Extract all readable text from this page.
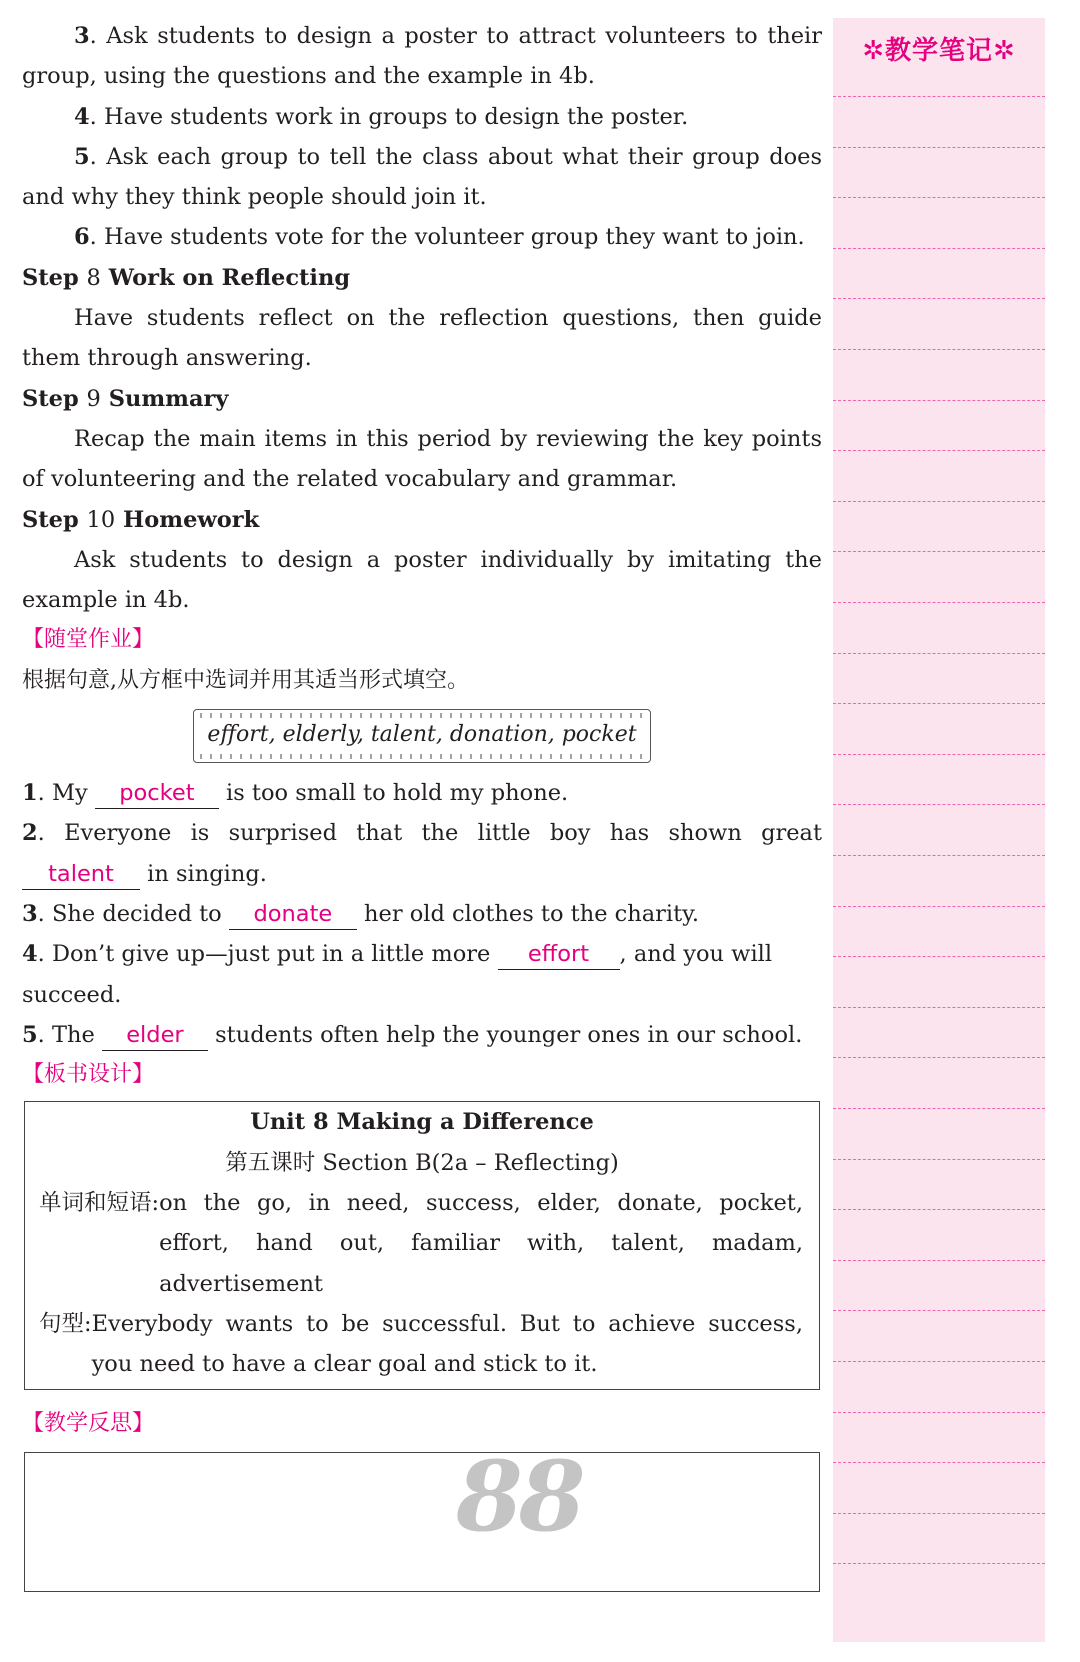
3. Ask students to design a poster to attract volunteers to their group, using the questions and the example in 4b.

4. Have students work in groups to design the poster.

5. Ask each group to tell the class about what their group does and why they think people should join it.

6. Have students vote for the volunteer group they want to join.

Step 8 Work on Reflecting

Have students reflect on the reflection questions, then guide them through answering.

Step 9 Summary

Recap the main items in this period by reviewing the key points of volunteering and the related vocabulary and grammar.

Step 10 Homework

Ask students to design a poster individually by imitating the example in 4b.

【随堂作业】

根据句意,从方框中选词并用其适当形式填空。

effort, elderly, talent, donation, pocket

1. My pocket is too small to hold my phone.

2. Everyone is surprised that the little boy has shown great talent in singing.

3. She decided to donate her old clothes to the charity.

4. Don’t give up—just put in a little more effort , and you will succeed.

5. The elder students often help the younger ones in our school.

【板书设计】

Unit 8 Making a Difference

第五课时 Section B(2a – Reflecting)

单词和短语: on the go, in need, success, elder, donate, pocket, effort, hand out, familiar with, talent, madam, advertisement
句型: Everybody wants to be successful. But to achieve success, you need to have a clear goal and stick to it.

【教学反思】

88
✲教学笔记✲
